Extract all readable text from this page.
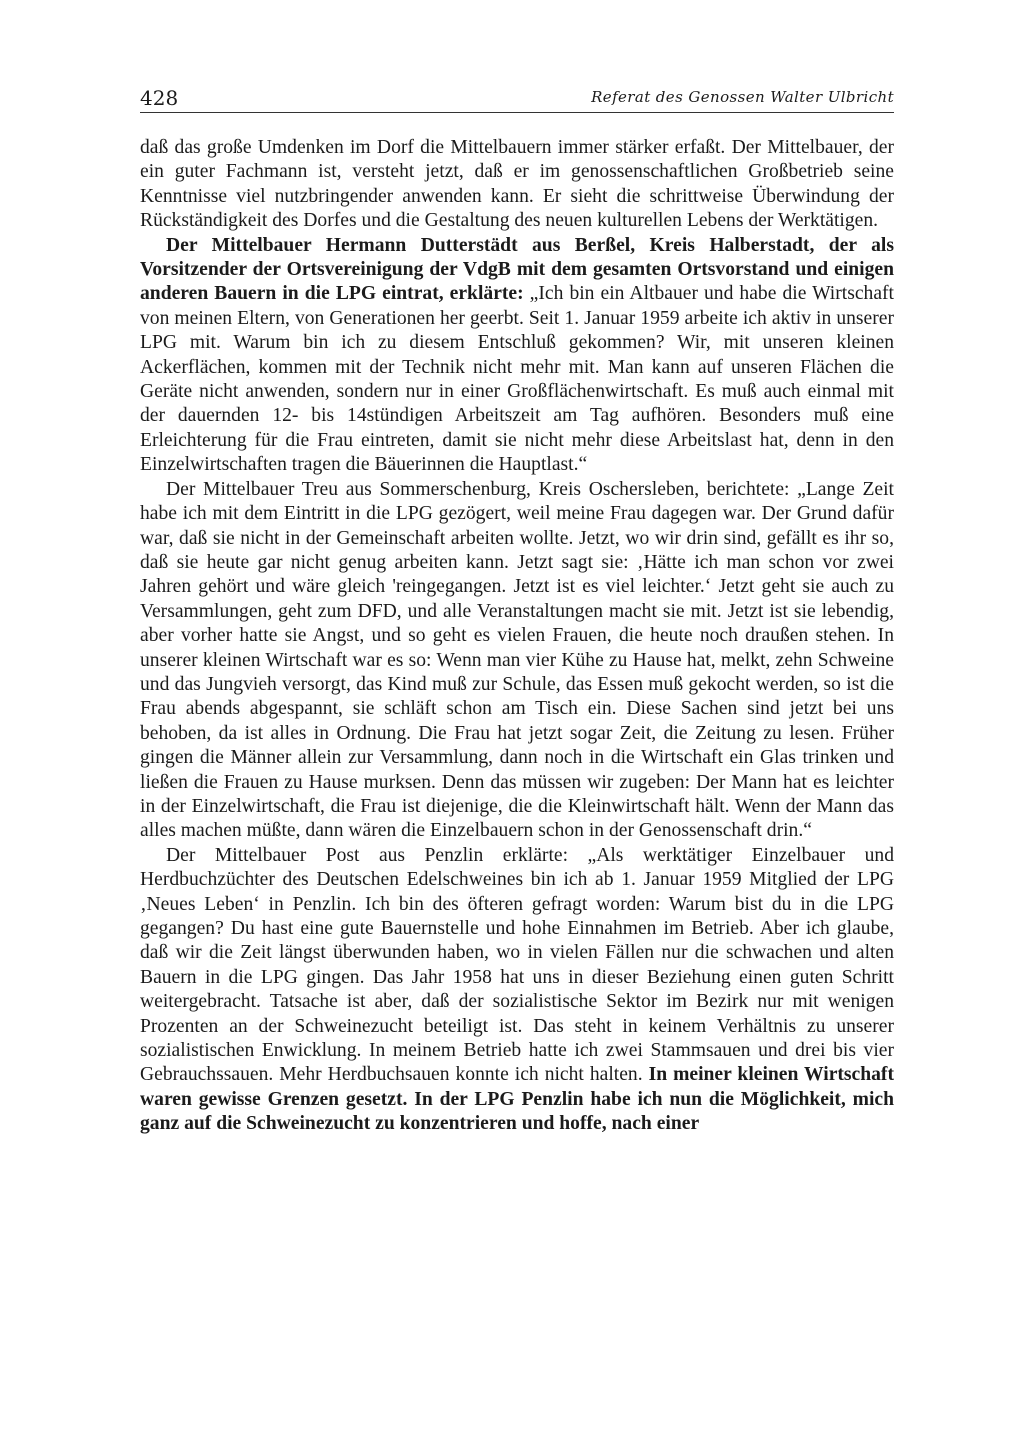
428	Referat des Genossen Walter Ulbricht

daß das große Umdenken im Dorf die Mittelbauern immer stärker erfaßt. Der Mittelbauer, der ein guter Fachmann ist, versteht jetzt, daß er im genossenschaftlichen Großbetrieb seine Kenntnisse viel nutzbringender anwenden kann. Er sieht die schrittweise Überwindung der Rückständigkeit des Dorfes und die Gestaltung des neuen kulturellen Lebens der Werktätigen.

Der Mittelbauer Hermann Dutterstädt aus Berßel, Kreis Halberstadt, der als Vorsitzender der Ortsvereinigung der VdgB mit dem gesamten Ortsvorstand und einigen anderen Bauern in die LPG eintrat, erklärte: „Ich bin ein Altbauer und habe die Wirtschaft von meinen Eltern, von Generationen her geerbt. Seit 1. Januar 1959 arbeite ich aktiv in unserer LPG mit. Warum bin ich zu diesem Entschluß gekommen? Wir, mit unseren kleinen Ackerflächen, kommen mit der Technik nicht mehr mit. Man kann auf unseren Flächen die Geräte nicht anwenden, sondern nur in einer Großflächenwirtschaft. Es muß auch einmal mit der dauernden 12- bis 14stündigen Arbeitszeit am Tag aufhören. Besonders muß eine Erleichterung für die Frau eintreten, damit sie nicht mehr diese Arbeitslast hat, denn in den Einzelwirtschaften tragen die Bäuerinnen die Hauptlast.“

Der Mittelbauer Treu aus Sommerschenburg, Kreis Oschersleben, berichtete: „Lange Zeit habe ich mit dem Eintritt in die LPG gezögert, weil meine Frau dagegen war. Der Grund dafür war, daß sie nicht in der Gemeinschaft arbeiten wollte. Jetzt, wo wir drin sind, gefällt es ihr so, daß sie heute gar nicht genug arbeiten kann. Jetzt sagt sie: ‚Hätte ich man schon vor zwei Jahren gehört und wäre gleich 'reingegangen. Jetzt ist es viel leichter.‘ Jetzt geht sie auch zu Versammlungen, geht zum DFD, und alle Veranstaltungen macht sie mit. Jetzt ist sie lebendig, aber vorher hatte sie Angst, und so geht es vielen Frauen, die heute noch draußen stehen. In unserer kleinen Wirtschaft war es so: Wenn man vier Kühe zu Hause hat, melkt, zehn Schweine und das Jungvieh versorgt, das Kind muß zur Schule, das Essen muß gekocht werden, so ist die Frau abends abgespannt, sie schläft schon am Tisch ein. Diese Sachen sind jetzt bei uns behoben, da ist alles in Ordnung. Die Frau hat jetzt sogar Zeit, die Zeitung zu lesen. Früher gingen die Männer allein zur Versammlung, dann noch in die Wirtschaft ein Glas trinken und ließen die Frauen zu Hause murksen. Denn das müssen wir zugeben: Der Mann hat es leichter in der Einzelwirtschaft, die Frau ist diejenige, die die Kleinwirtschaft hält. Wenn der Mann das alles machen müßte, dann wären die Einzelbauern schon in der Genossenschaft drin.“

Der Mittelbauer Post aus Penzlin erklärte: „Als werktätiger Einzelbauer und Herdbuchzüchter des Deutschen Edelschweines bin ich ab 1. Januar 1959 Mitglied der LPG ‚Neues Leben‘ in Penzlin. Ich bin des öfteren gefragt worden: Warum bist du in die LPG gegangen? Du hast eine gute Bauernstelle und hohe Einnahmen im Betrieb. Aber ich glaube, daß wir die Zeit längst überwunden haben, wo in vielen Fällen nur die schwachen und alten Bauern in die LPG gingen. Das Jahr 1958 hat uns in dieser Beziehung einen guten Schritt weitergebracht. Tatsache ist aber, daß der sozialistische Sektor im Bezirk nur mit wenigen Prozenten an der Schweinezucht beteiligt ist. Das steht in keinem Verhältnis zu unserer sozialistischen Enwicklung. In meinem Betrieb hatte ich zwei Stammsauen und drei bis vier Gebrauchssauen. Mehr Herdbuchsauen konnte ich nicht halten. In meiner kleinen Wirtschaft waren gewisse Grenzen gesetzt. In der LPG Penzlin habe ich nun die Möglichkeit, mich ganz auf die Schweinezucht zu konzentrieren und hoffe, nach einer
